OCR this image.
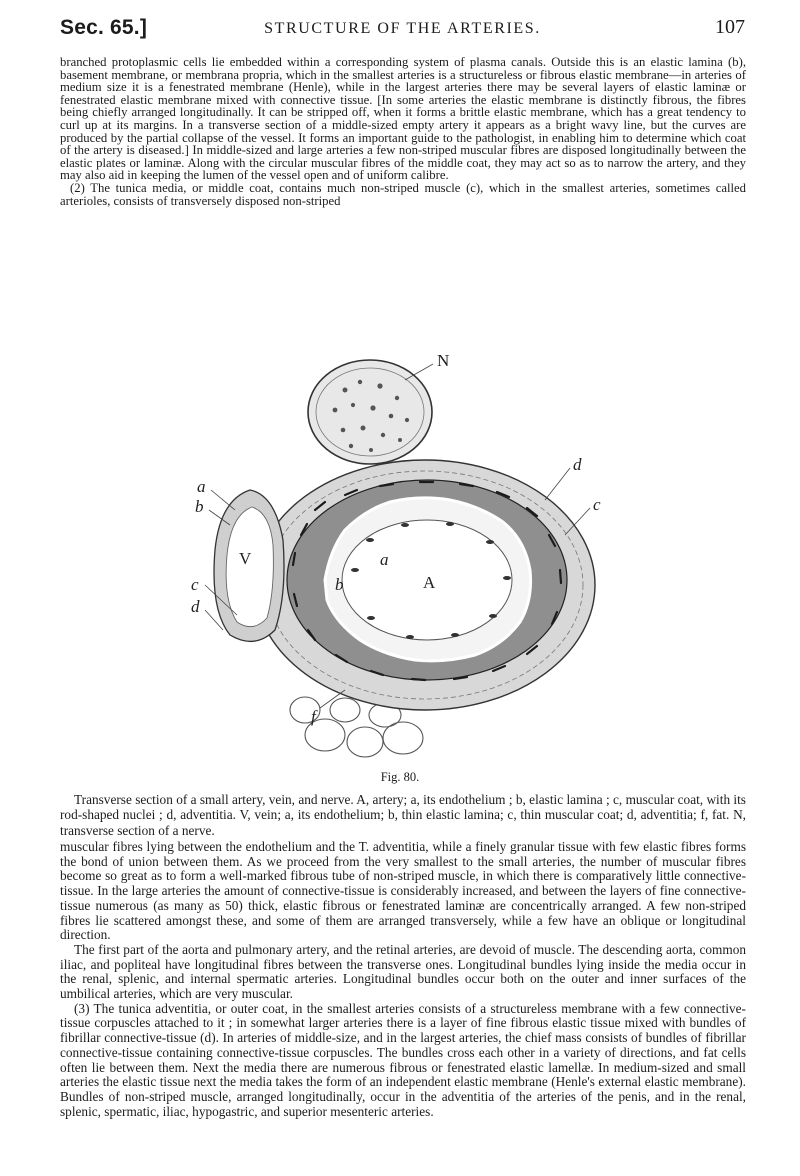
Sec. 65.]	STRUCTURE OF THE ARTERIES.	107

branched protoplasmic cells lie embedded within a corresponding system of plasma canals. Outside this is an elastic lamina (b), basement membrane, or membrana propria, which in the smallest arteries is a structureless or fibrous elastic membrane—in arteries of medium size it is a fenestrated membrane (Henle), while in the largest arteries there may be several layers of elastic laminæ or fenestrated elastic membrane mixed with connective tissue. [In some arteries the elastic membrane is distinctly fibrous, the fibres being chiefly arranged longitudinally. It can be stripped off, when it forms a brittle elastic membrane, which has a great tendency to curl up at its margins. In a transverse section of a middle-sized empty artery it appears as a bright wavy line, but the curves are produced by the partial collapse of the vessel. It forms an important guide to the pathologist, in enabling him to determine which coat of the artery is diseased.] In middle-sized and large arteries a few non-striped muscular fibres are disposed longitudinally between the elastic plates or laminæ. Along with the circular muscular fibres of the middle coat, they may act so as to narrow the artery, and they may also aid in keeping the lumen of the vessel open and of uniform calibre.

(2) The tunica media, or middle coat, contains much non-striped muscle (c), which in the smallest arteries, sometimes called arterioles, consists of transversely disposed non-striped

N
d
c
a
b
V
c
d
b	A
a
f
Fig. 80.

Transverse section of a small artery, vein, and nerve. A, artery; a, its endothelium ; b, elastic lamina ; c, muscular coat, with its rod-shaped nuclei ; d, adventitia. V, vein; a, its endothelium; b, thin elastic lamina; c, thin muscular coat; d, adventitia; f, fat. N, transverse section of a nerve.

muscular fibres lying between the endothelium and the T. adventitia, while a finely granular tissue with few elastic fibres forms the bond of union between them. As we proceed from the very smallest to the small arteries, the number of muscular fibres become so great as to form a well-marked fibrous tube of non-striped muscle, in which there is comparatively little connective-tissue. In the large arteries the amount of connective-tissue is considerably increased, and between the layers of fine connective-tissue numerous (as many as 50) thick, elastic fibrous or fenestrated laminæ are concentrically arranged. A few non-striped fibres lie scattered amongst these, and some of them are arranged transversely, while a few have an oblique or longitudinal direction.

The first part of the aorta and pulmonary artery, and the retinal arteries, are devoid of muscle. The descending aorta, common iliac, and popliteal have longitudinal fibres between the transverse ones. Longitudinal bundles lying inside the media occur in the renal, splenic, and internal spermatic arteries. Longitudinal bundles occur both on the outer and inner surfaces of the umbilical arteries, which are very muscular.

(3) The tunica adventitia, or outer coat, in the smallest arteries consists of a structureless membrane with a few connective-tissue corpuscles attached to it ; in somewhat larger arteries there is a layer of fine fibrous elastic tissue mixed with bundles of fibrillar connective-tissue (d). In arteries of middle-size, and in the largest arteries, the chief mass consists of bundles of fibrillar connective-tissue containing connective-tissue corpuscles. The bundles cross each other in a variety of directions, and fat cells often lie between them. Next the media there are numerous fibrous or fenestrated elastic lamellæ. In medium-sized and small arteries the elastic tissue next the media takes the form of an independent elastic membrane (Henle's external elastic membrane). Bundles of non-striped muscle, arranged longitudinally, occur in the adventitia of the arteries of the penis, and in the renal, splenic, spermatic, iliac, hypogastric, and superior mesenteric arteries.
